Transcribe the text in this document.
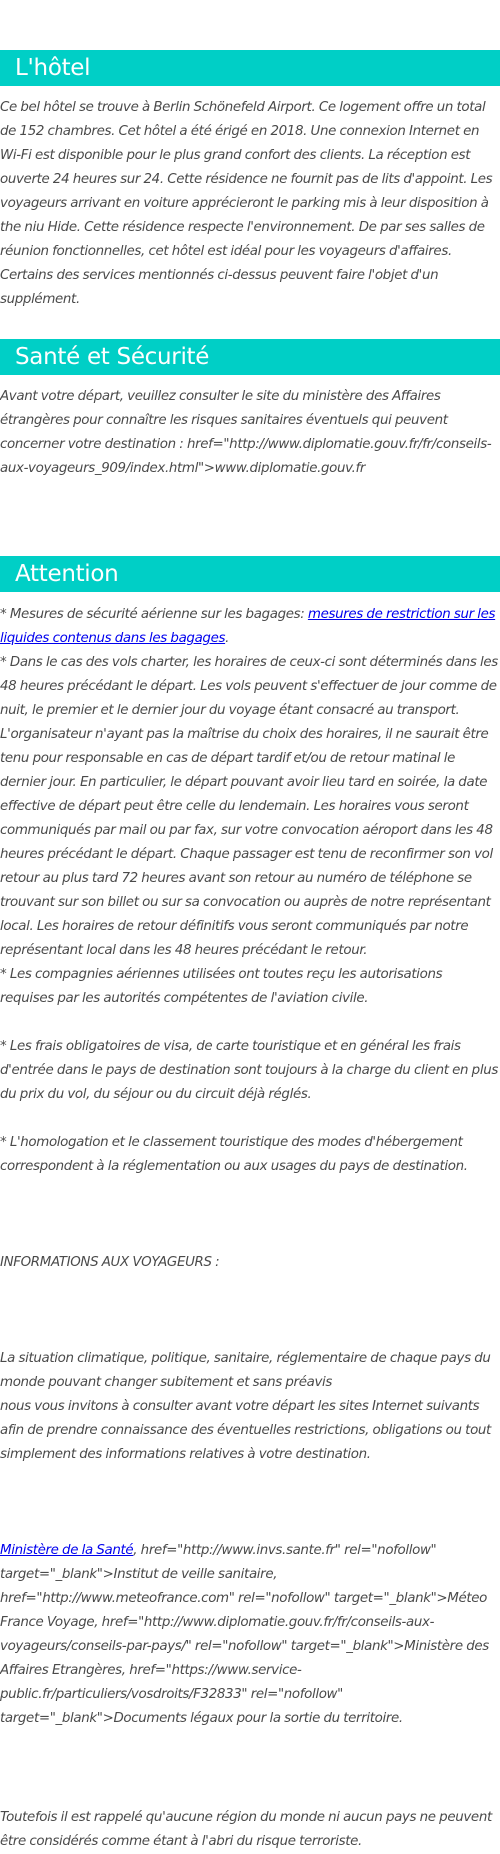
L'hôtel

Ce bel hôtel se trouve à Berlin Schönefeld Airport. Ce logement offre un total de 152 chambres. Cet hôtel a été érigé en 2018. Une connexion Internet en Wi-Fi est disponible pour le plus grand confort des clients. La réception est ouverte 24 heures sur 24. Cette résidence ne fournit pas de lits d'appoint. Les voyageurs arrivant en voiture apprécieront le parking mis à leur disposition à the niu Hide. Cette résidence respecte l'environnement. De par ses salles de réunion fonctionnelles, cet hôtel est idéal pour les voyageurs d'affaires. Certains des services mentionnés ci-dessus peuvent faire l'objet d'un supplément.

Santé et Sécurité

Avant votre départ, veuillez consulter le site du ministère des Affaires étrangères pour connaître les risques sanitaires éventuels qui peuvent concerner votre destination : href="http://www.diplomatie.gouv.fr/fr/conseils-aux-voyageurs_909/index.html">www.diplomatie.gouv.fr

Attention

* Mesures de sécurité aérienne sur les bagages: mesures de restriction sur les liquides contenus dans les bagages.

* Dans le cas des vols charter, les horaires de ceux-ci sont déterminés dans les 48 heures précédant le départ. Les vols peuvent s'effectuer de jour comme de nuit, le premier et le dernier jour du voyage étant consacré au transport. L'organisateur n'ayant pas la maîtrise du choix des horaires, il ne saurait être tenu pour responsable en cas de départ tardif et/ou de retour matinal le dernier jour. En particulier, le départ pouvant avoir lieu tard en soirée, la date effective de départ peut être celle du lendemain. Les horaires vous seront communiqués par mail ou par fax, sur votre convocation aéroport dans les 48 heures précédant le départ. Chaque passager est tenu de reconfirmer son vol retour au plus tard 72 heures avant son retour au numéro de téléphone se trouvant sur son billet ou sur sa convocation ou auprès de notre représentant local. Les horaires de retour définitifs vous seront communiqués par notre représentant local dans les 48 heures précédant le retour.

* Les compagnies aériennes utilisées ont toutes reçu les autorisations requises par les autorités compétentes de l'aviation civile.

* Les frais obligatoires de visa, de carte touristique et en général les frais d'entrée dans le pays de destination sont toujours à la charge du client en plus du prix du vol, du séjour ou du circuit déjà réglés.

* L'homologation et le classement touristique des modes d'hébergement correspondent à la réglementation ou aux usages du pays de destination.

INFORMATIONS AUX VOYAGEURS :

La situation climatique, politique, sanitaire, réglementaire de chaque pays du monde pouvant changer subitement et sans préavis

nous vous invitons à consulter avant votre départ les sites Internet suivants afin de prendre connaissance des éventuelles restrictions, obligations ou tout simplement des informations relatives à votre destination.

Ministère de la Santé, href="http://www.invs.sante.fr" rel="nofollow" target="_blank">Institut de veille sanitaire, href="http://www.meteofrance.com" rel="nofollow" target="_blank">Méteo France Voyage, href="http://www.diplomatie.gouv.fr/fr/conseils-aux-voyageurs/conseils-par-pays/" rel="nofollow" target="_blank">Ministère des Affaires Etrangères, href="https://www.service-public.fr/particuliers/vosdroits/F32833" rel="nofollow" target="_blank">Documents légaux pour la sortie du territoire.

Toutefois il est rappelé qu'aucune région du monde ni aucun pays ne peuvent être considérés comme étant à l'abri du risque terroriste.
